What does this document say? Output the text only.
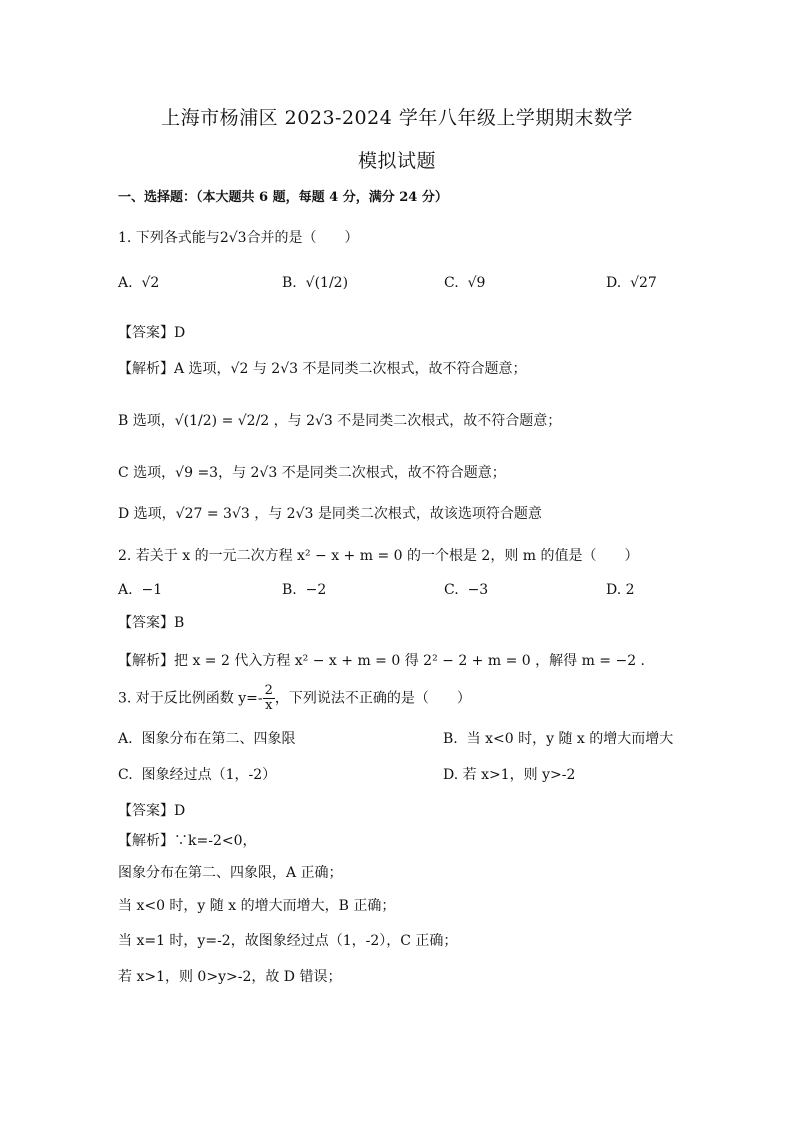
上海市杨浦区 2023-2024 学年八年级上学期期末数学
模拟试题
一、选择题：（本大题共 6 题，每题 4 分，满分 24 分）
1. 下列各式能与2√3合并的是（　　）
A. √2	B. √(1/2)	C. √9	D. √27
【答案】D
【解析】A 选项，√2 与 2√3 不是同类二次根式，故不符合题意；
B 选项，√(1/2) = √2/2 ，与 2√3 不是同类二次根式，故不符合题意；
C 选项，√9 =3，与 2√3 不是同类二次根式，故不符合题意；
D 选项，√27 = 3√3 ，与 2√3 是同类二次根式，故该选项符合题意
2. 若关于 x 的一元二次方程 x² − x + m = 0 的一个根是 2，则 m 的值是（　　）
A. −1	B. −2	C. −3	D. 2
【答案】B
【解析】把 x = 2 代入方程 x² − x + m = 0 得 2² − 2 + m = 0 ，解得 m = −2 .
3. 对于反比例函数 $y=- \frac{2}{x}$ ，下列说法不正确的是（　　）
A. 图象分布在第二、四象限	B. 当 x<0 时，y 随 x 的增大而增大
C. 图象经过点（1，-2）	D. 若 x>1，则 y>-2
【答案】D
【解析】∵k=-2<0，
图象分布在第二、四象限，A 正确；
当 x<0 时，y 随 x 的增大而增大，B 正确；
当 x=1 时，y=-2，故图象经过点（1，-2），C 正确；
若 x>1，则 0>y>-2，故 D 错误；
